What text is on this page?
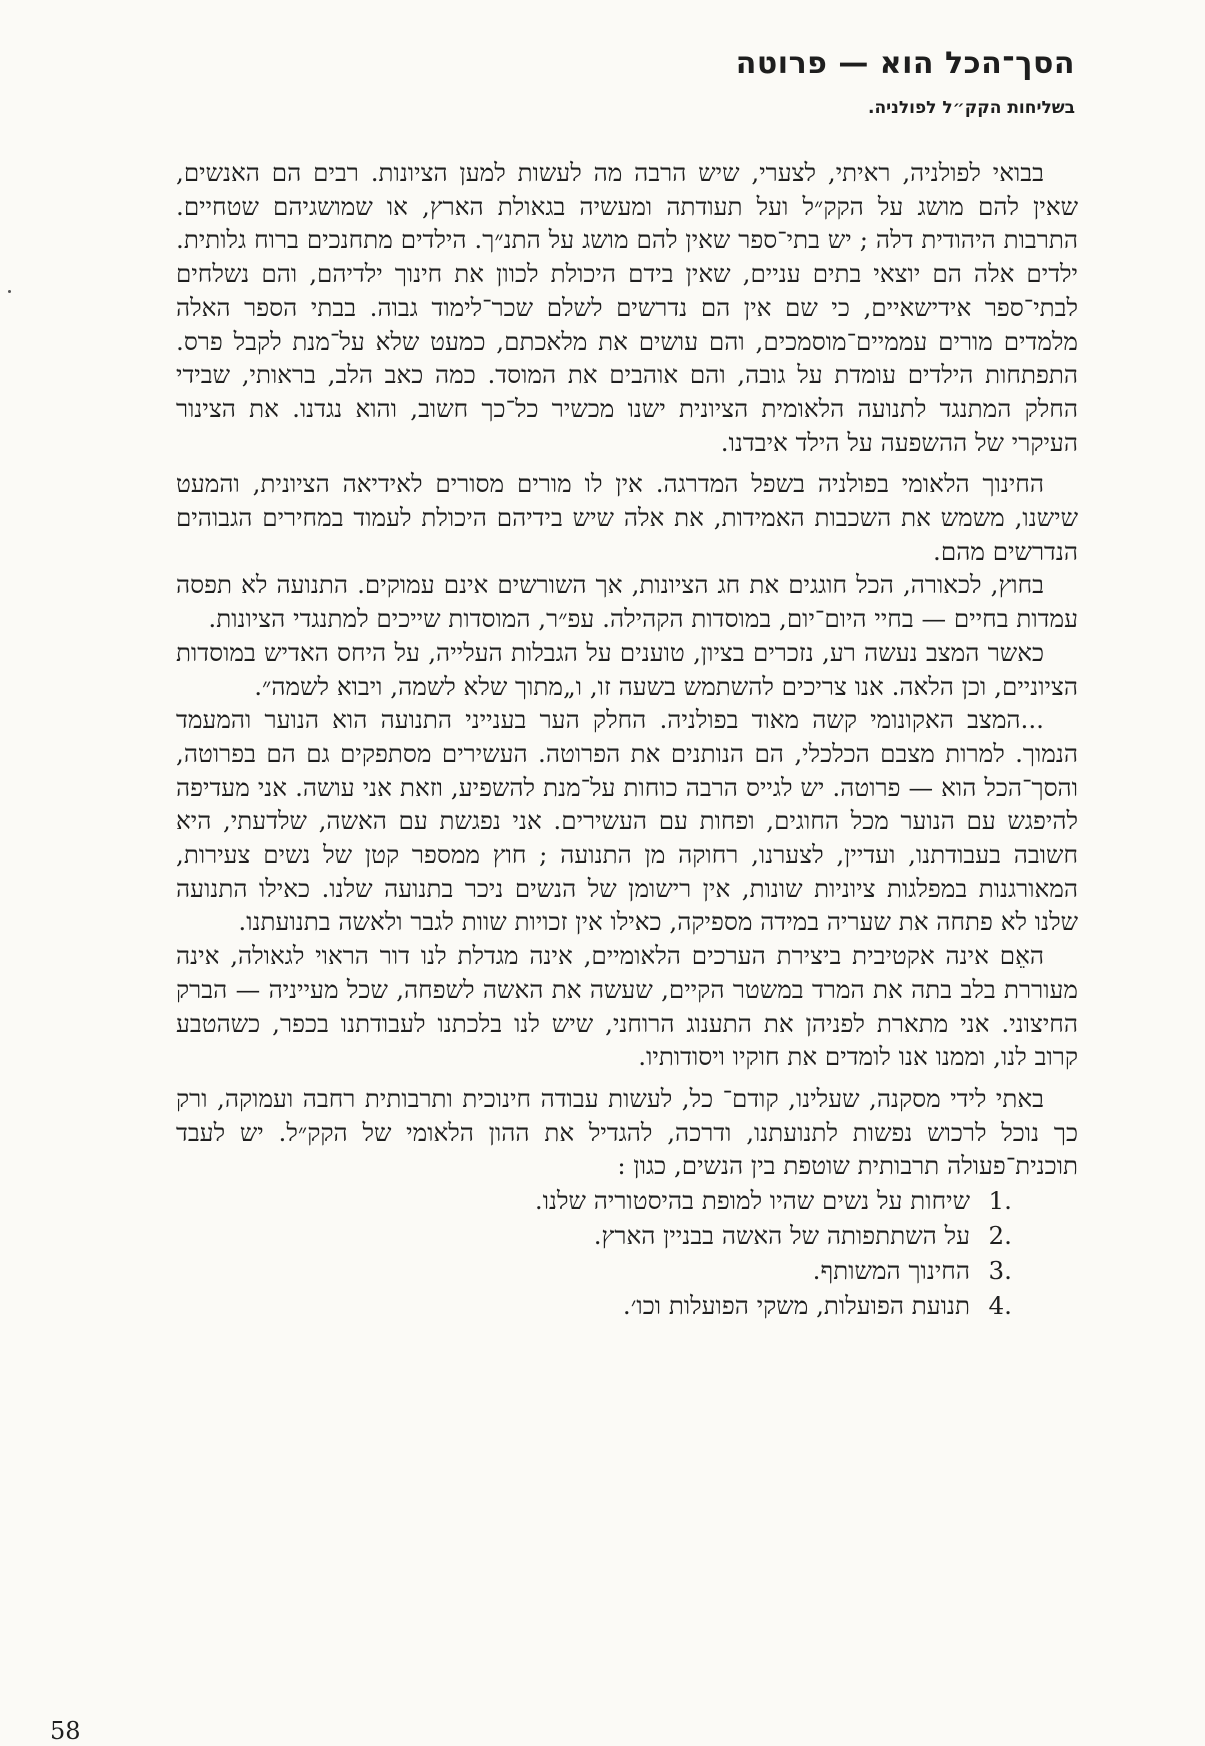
הסך־הכל הוא — פרוטה
בשליחות הקק״ל לפולניה.

בבואי לפולניה, ראיתי, לצערי, שיש הרבה מה לעשות למען הציונות. רבים הם האנשים, שאין להם מושג על הקק״ל ועל תעודתה ומעשיה בגאולת הארץ, או שמושגיהם שטחיים. התרבות היהודית דלה ; יש בתי־ספר שאין להם מושג על התנ״ך. הילדים מתחנכים ברוח גלותית. ילדים אלה הם יוצאי בתים עניים, שאין בידם היכולת לכוון את חינוך ילדיהם, והם נשלחים לבתי־ספר אידישאיים, כי שם אין הם נדרשים לשלם שכר־לימוד גבוה. בבתי הספר האלה מלמדים מורים עממיים־מוסמכים, והם עושים את מלאכתם, כמעט שלא על־מנת לקבל פרס. התפתחות הילדים עומדת על גובה, והם אוהבים את המוסד. כמה כאב הלב, בראותי, שבידי החלק המתנגד לתנועה הלאומית הציונית ישנו מכשיר כל־כך חשוב, והוא נגדנו. את הצינור העיקרי של ההשפעה על הילד איבדנו.

החינוך הלאומי בפולניה בשפל המדרגה. אין לו מורים מסורים לאידיאה הציונית, והמעט שישנו, משמש את השכבות האמידות, את אלה שיש בידיהם היכולת לעמוד במחירים הגבוהים הנדרשים מהם.

בחוץ, לכאורה, הכל חוגגים את חג הציונות, אך השורשים אינם עמוקים. התנועה לא תפסה עמדות בחיים — בחיי היום־יום, במוסדות הקהילה. עפ״ר, המוסדות שייכים למתנגדי הציונות.

כאשר המצב נעשה רע, נזכרים בציון, טוענים על הגבלות העלייה, על היחס האדיש במוסדות הציוניים, וכן הלאה. אנו צריכים להשתמש בשעה זו, ו„מתוך שלא לשמה, ויבוא לשמה״.

...המצב האקונומי קשה מאוד בפולניה. החלק הער בענייני התנועה הוא הנוער והמעמד הנמוך. למרות מצבם הכלכלי, הם הנותנים את הפרוטה. העשירים מסתפקים גם הם בפרוטה, והסך־הכל הוא — פרוטה. יש לגייס הרבה כוחות על־מנת להשפיע, וזאת אני עושה. אני מעדיפה להיפגש עם הנוער מכל החוגים, ופחות עם העשירים. אני נפגשת עם האשה, שלדעתי, היא חשובה בעבודתנו, ועדיין, לצערנו, רחוקה מן התנועה ; חוץ ממספר קטן של נשים צעירות, המאורגנות במפלגות ציוניות שונות, אין רישומן של הנשים ניכר בתנועה שלנו. כאילו התנועה שלנו לא פתחה את שעריה במידה מספיקה, כאילו אין זכויות שוות לגבר ולאשה בתנועתנו.

האֵם אינה אקטיבית ביצירת הערכים הלאומיים, אינה מגדלת לנו דור הראוי לגאולה, אינה מעוררת בלב בתה את המרד במשטר הקיים, שעשה את האשה לשפחה, שכל מעייניה — הברק החיצוני. אני מתארת לפניהן את התענוג הרוחני, שיש לנו בלכתנו לעבודתנו בכפר, כשהטבע קרוב לנו, וממנו אנו לומדים את חוקיו ויסודותיו.

באתי לידי מסקנה, שעלינו, קודם־ כל, לעשות עבודה חינוכית ותרבותית רחבה ועמוקה, ורק כך נוכל לרכוש נפשות לתנועתנו, ודרכה, להגדיל את ההון הלאומי של הקק״ל. יש לעבד תוכנית־פעולה תרבותית שוטפת בין הנשים, כגון :

1.
שיחות על נשים שהיו למופת בהיסטוריה שלנו.
2.
על השתתפותה של האשה בבניין הארץ.
3.
החינוך המשותף.
4.
תנועת הפועלות, משקי הפועלות וכו׳.
58
